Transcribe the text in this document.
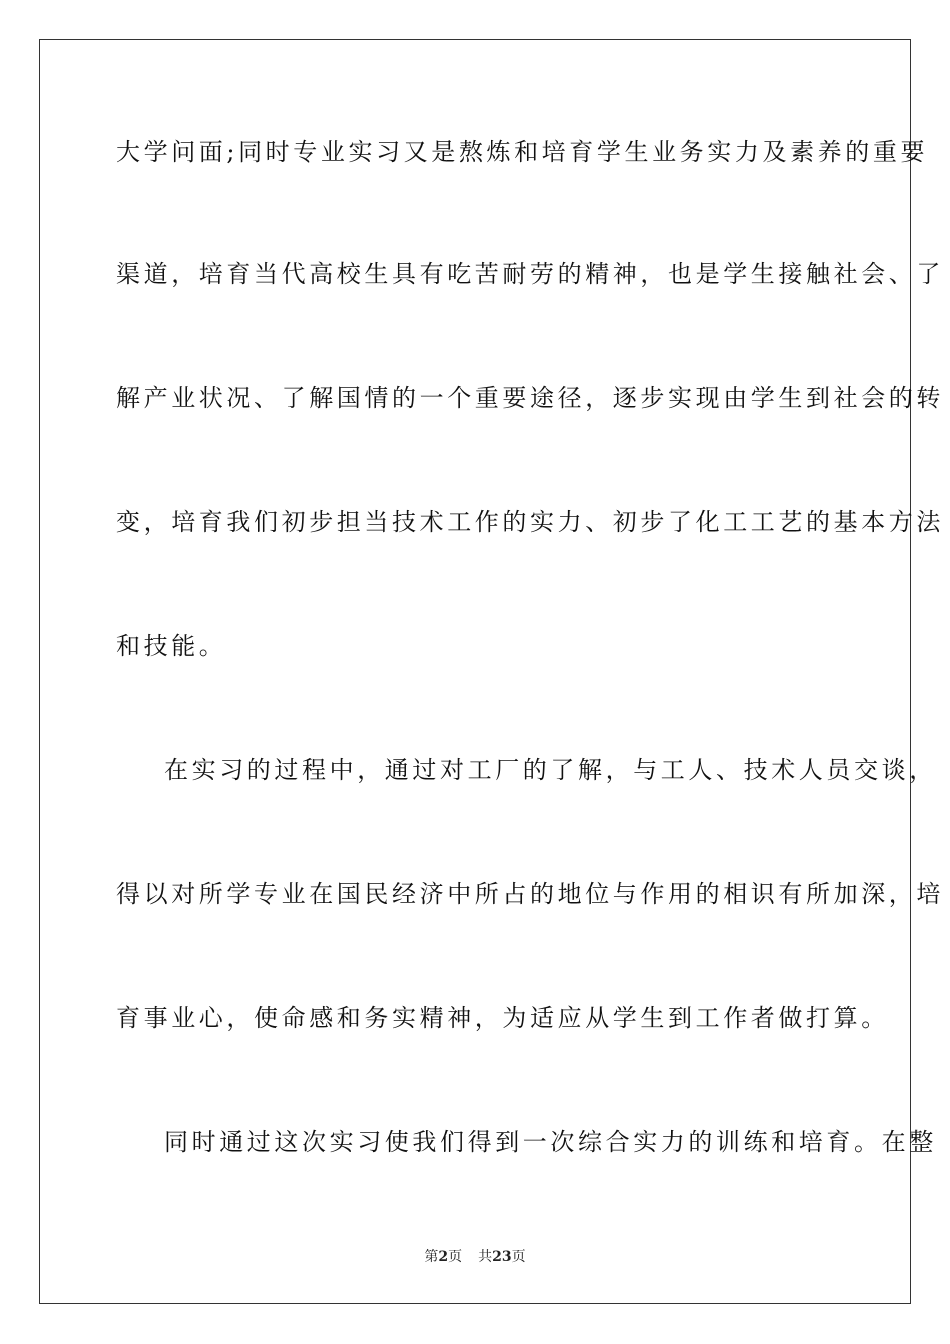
大学问面;同时专业实习又是熬炼和培育学生业务实力及素养的重要
渠道，培育当代高校生具有吃苦耐劳的精神，也是学生接触社会、了
解产业状况、了解国情的一个重要途径，逐步实现由学生到社会的转
变，培育我们初步担当技术工作的实力、初步了化工工艺的基本方法
和技能。
在实习的过程中，通过对工厂的了解，与工人、技术人员交谈，
得以对所学专业在国民经济中所占的地位与作用的相识有所加深，培
育事业心，使命感和务实精神，为适应从学生到工作者做打算。
同时通过这次实习使我们得到一次综合实力的训练和培育。在整
第2页 共23页
